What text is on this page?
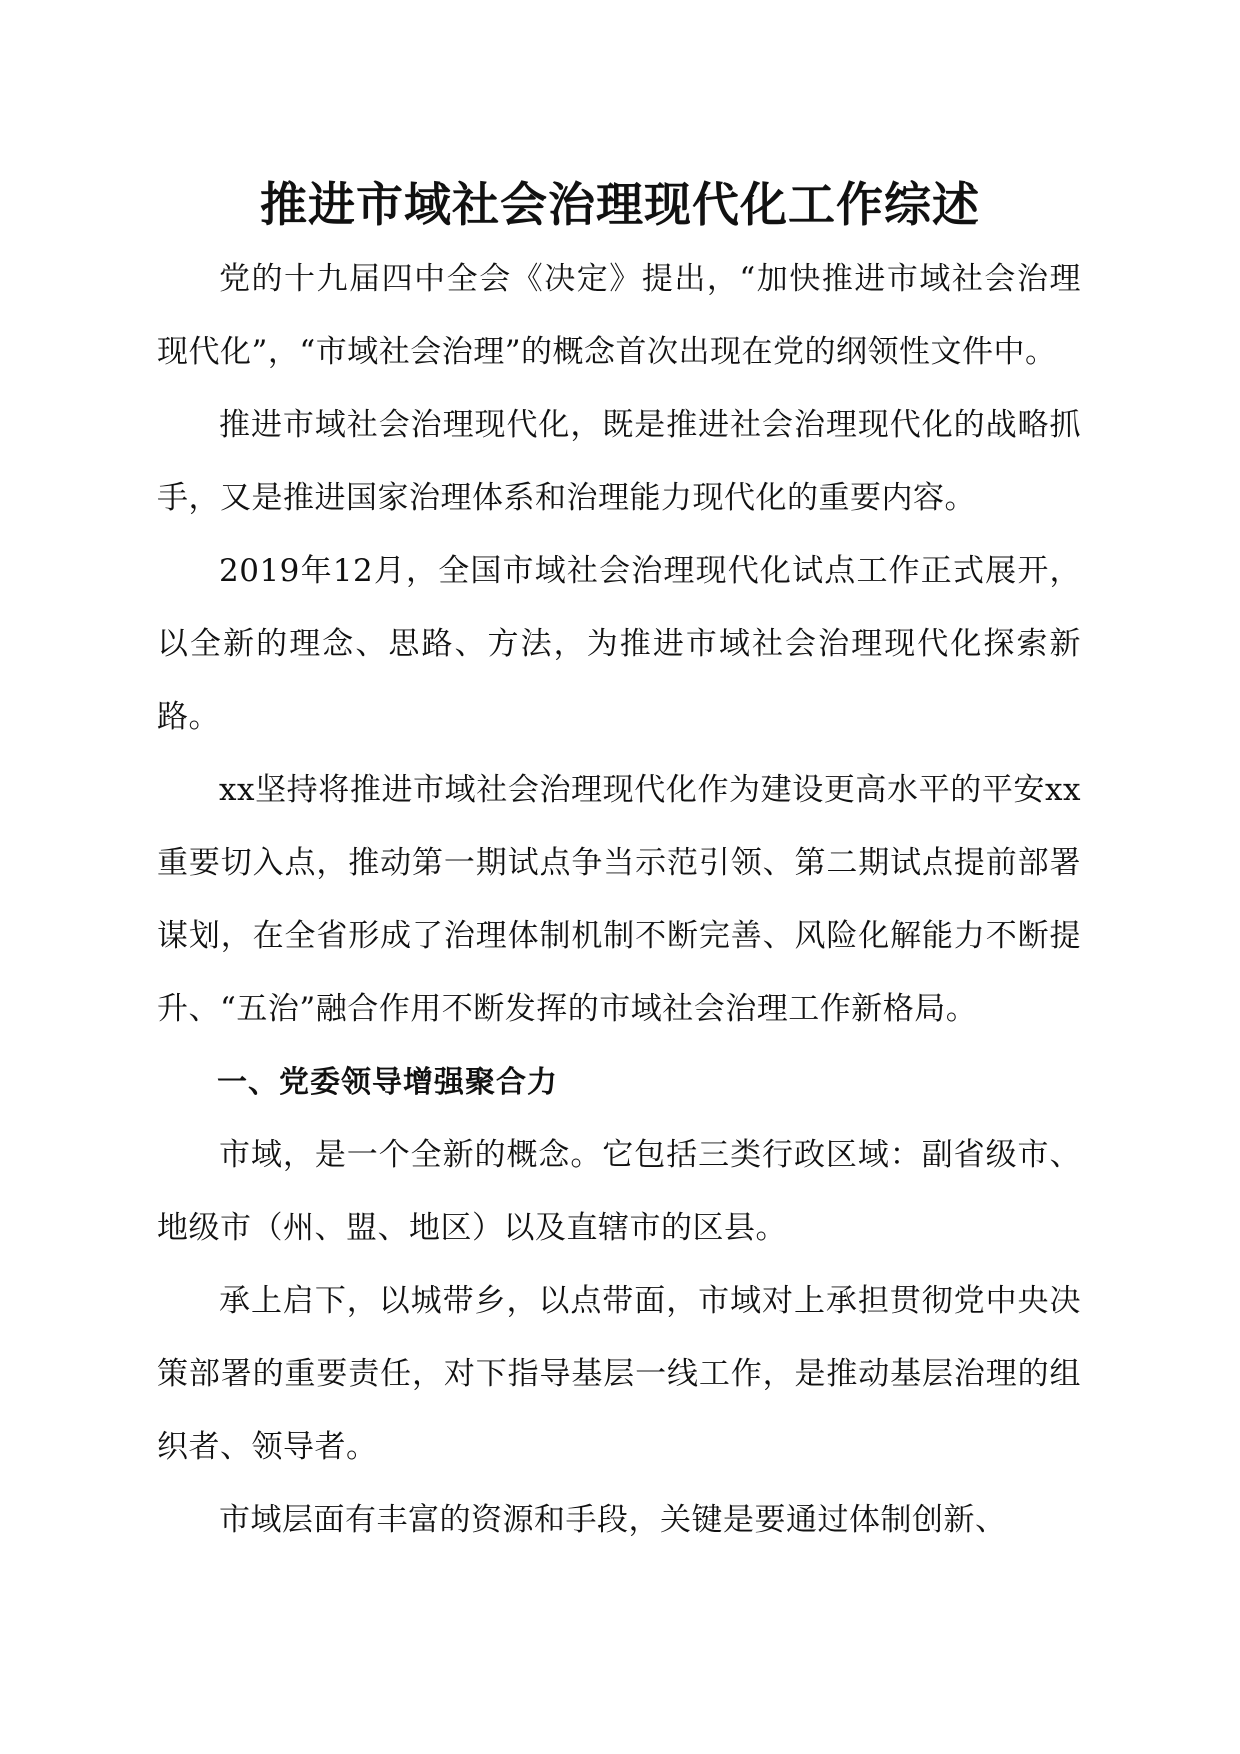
推进市域社会治理现代化工作综述

党的十九届四中全会《决定》提出，“加快推进市域社会治理现代化”，“市域社会治理”的概念首次出现在党的纲领性文件中。

推进市域社会治理现代化，既是推进社会治理现代化的战略抓手，又是推进国家治理体系和治理能力现代化的重要内容。

2019年12月，全国市域社会治理现代化试点工作正式展开，以全新的理念、思路、方法，为推进市域社会治理现代化探索新路。

xx坚持将推进市域社会治理现代化作为建设更高水平的平安xx重要切入点，推动第一期试点争当示范引领、第二期试点提前部署谋划，在全省形成了治理体制机制不断完善、风险化解能力不断提升、“五治”融合作用不断发挥的市域社会治理工作新格局。

一、党委领导增强聚合力

市域，是一个全新的概念。它包括三类行政区域：副省级市、地级市（州、盟、地区）以及直辖市的区县。

承上启下，以城带乡，以点带面，市域对上承担贯彻党中央决策部署的重要责任，对下指导基层一线工作，是推动基层治理的组织者、领导者。

市域层面有丰富的资源和手段，关键是要通过体制创新、
